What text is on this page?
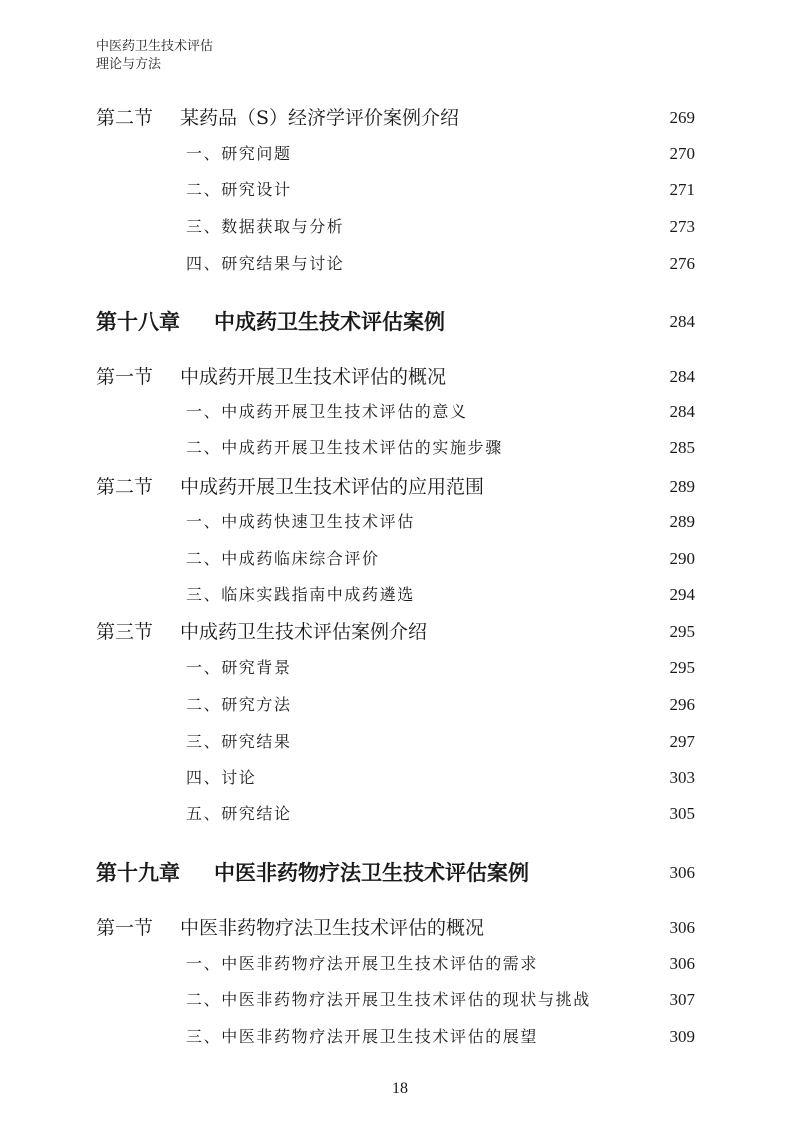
中医药卫生技术评估
理论与方法
第二节 某药品（S）经济学评价案例介绍	269
一、研究问题	270
二、研究设计	271
三、数据获取与分析	273
四、研究结果与讨论	276
第十八章 中成药卫生技术评估案例	284
第一节 中成药开展卫生技术评估的概况	284
一、中成药开展卫生技术评估的意义	284
二、中成药开展卫生技术评估的实施步骤	285
第二节 中成药开展卫生技术评估的应用范围	289
一、中成药快速卫生技术评估	289
二、中成药临床综合评价	290
三、临床实践指南中成药遴选	294
第三节 中成药卫生技术评估案例介绍	295
一、研究背景	295
二、研究方法	296
三、研究结果	297
四、讨论	303
五、研究结论	305
第十九章 中医非药物疗法卫生技术评估案例	306
第一节 中医非药物疗法卫生技术评估的概况	306
一、中医非药物疗法开展卫生技术评估的需求	306
二、中医非药物疗法开展卫生技术评估的现状与挑战	307
三、中医非药物疗法开展卫生技术评估的展望	309
18
